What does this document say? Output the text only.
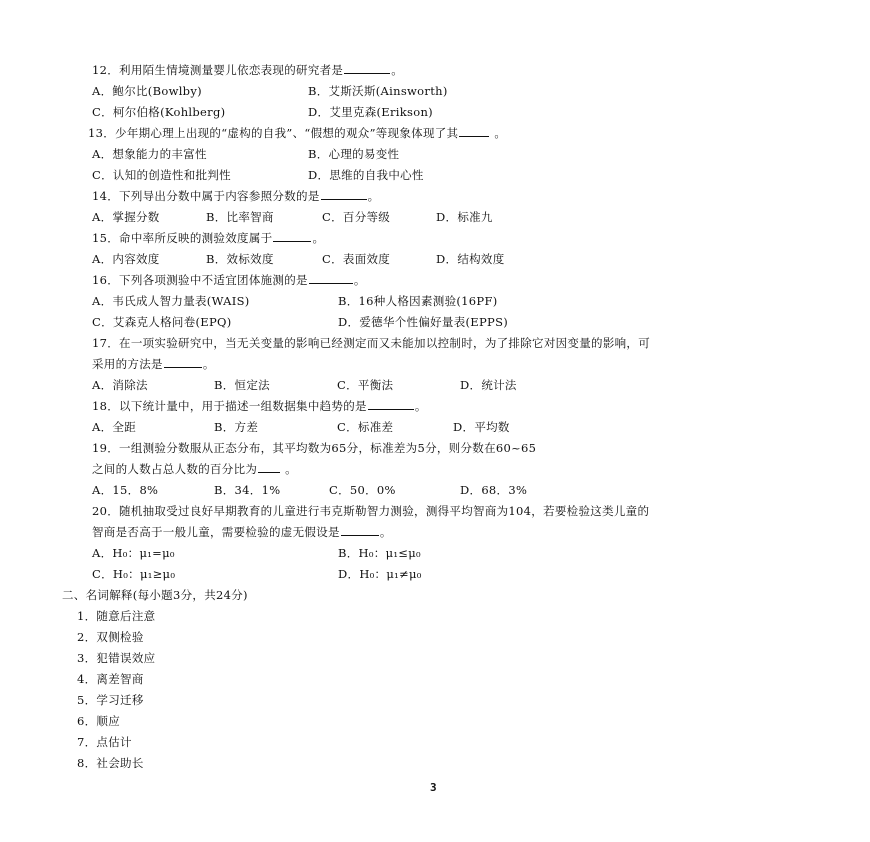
12．利用陌生情境测量婴儿依恋表现的研究者是	。
A．鲍尔比(Bowlby)	B．艾斯沃斯(Ainsworth)
C．柯尔伯格(Kohlberg)	D．艾里克森(Erikson)
13．少年期心理上出现的“虚构的自我”、“假想的观众”等现象体现了其	。
A．想象能力的丰富性	B．心理的易变性
C．认知的创造性和批判性	D．思维的自我中心性
14．下列导出分数中属于内容参照分数的是	。
A．掌握分数	B．比率智商	C．百分等级	D．标准九
15．命中率所反映的测验效度属于	。
A．内容效度	B．效标效度	C．表面效度	D．结构效度
16．下列各项测验中不适宜团体施测的是	。
A．韦氏成人智力量表(WAIS)	B．16种人格因素测验(16PF)
C．艾森克人格问卷(EPQ)	D．爱德华个性偏好量表(EPPS)
17．在一项实验研究中，当无关变量的影响已经测定而又未能加以控制时，为了排除它对因变量的影响，可
采用的方法是	。
A．消除法	B．恒定法	C．平衡法	D．统计法
18．以下统计量中，用于描述一组数据集中趋势的是	。
A．全距	B．方差	C．标准差	D．平均数
19．一组测验分数服从正态分布，其平均数为65分，标准差为5分，则分数在60~65
之间的人数占总人数的百分比为 。
A．15．8%	B．34．1%	C．50．0%	D．68．3%
20．随机抽取受过良好早期教育的儿童进行韦克斯勒智力测验，测得平均智商为104，若要检验这类儿童的
智商是否高于一般儿童，需要检验的虚无假设是	。
A．H₀：μ₁=μ₀	B．H₀：μ₁≤μ₀
C．H₀：μ₁≥μ₀	D．H₀：μ₁≠μ₀
二、名词解释(每小题3分，共24分)
1．随意后注意
2．双侧检验
3．犯错误效应
4．离差智商
5．学习迁移
6．顺应
7．点估计
8．社会助长
3
